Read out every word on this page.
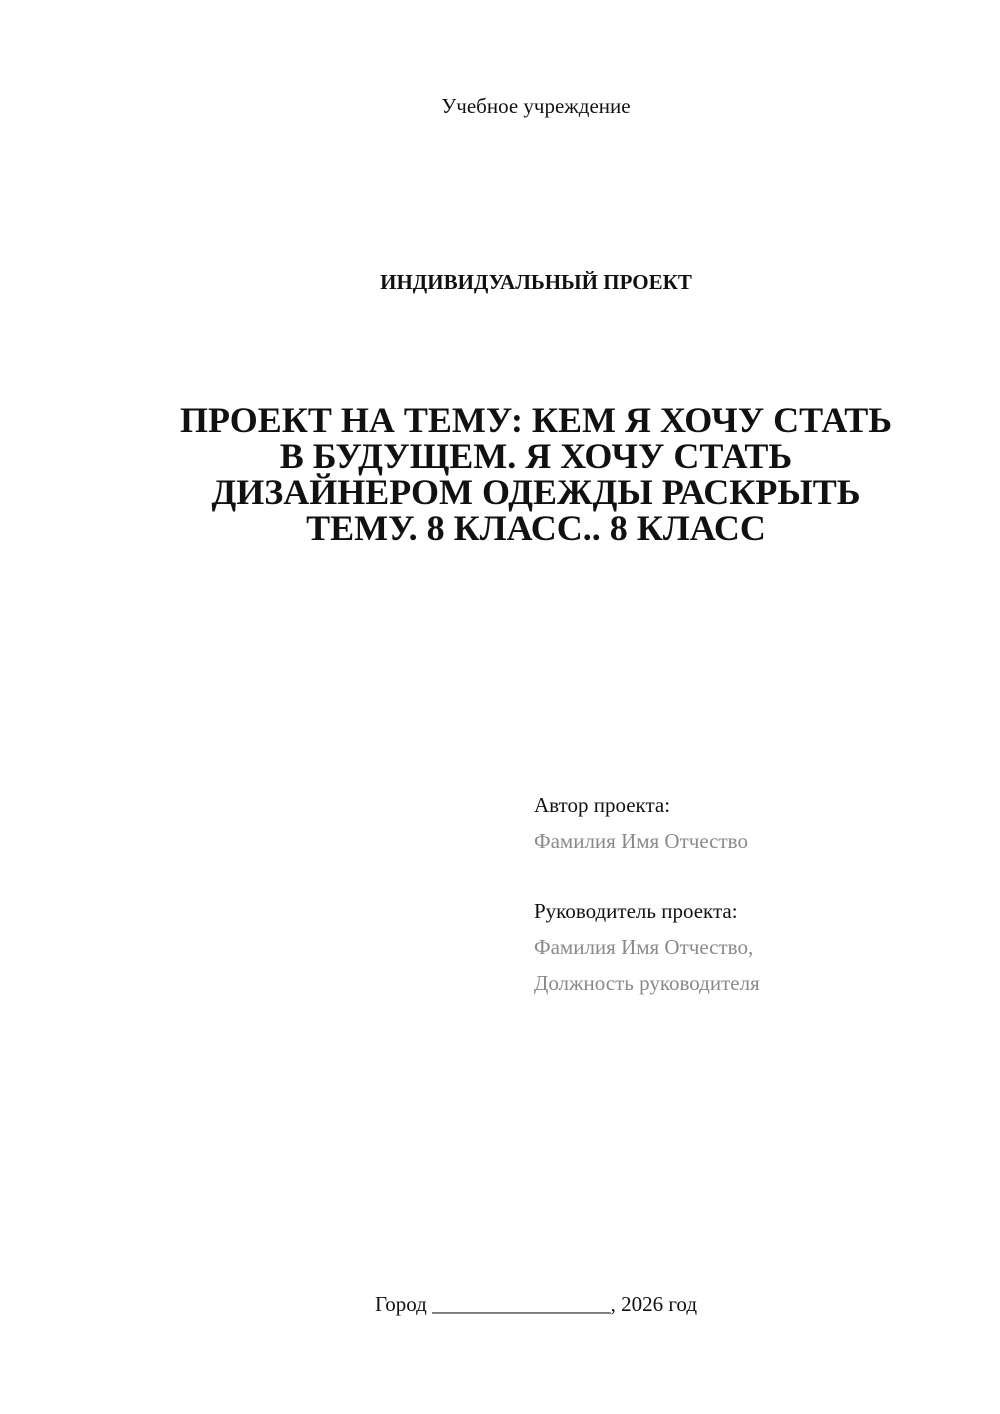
Учебное учреждение
ИНДИВИДУАЛЬНЫЙ ПРОЕКТ
ПРОЕКТ НА ТЕМУ: КЕМ Я ХОЧУ СТАТЬ
В БУДУЩЕМ. Я ХОЧУ СТАТЬ
ДИЗАЙНЕРОМ ОДЕЖДЫ РАСКРЫТЬ
ТЕМУ. 8 КЛАСС.. 8 КЛАСС
Автор проекта:
Фамилия Имя Отчество
Руководитель проекта:
Фамилия Имя Отчество,
Должность руководителя
Город _________________, 2026 год
